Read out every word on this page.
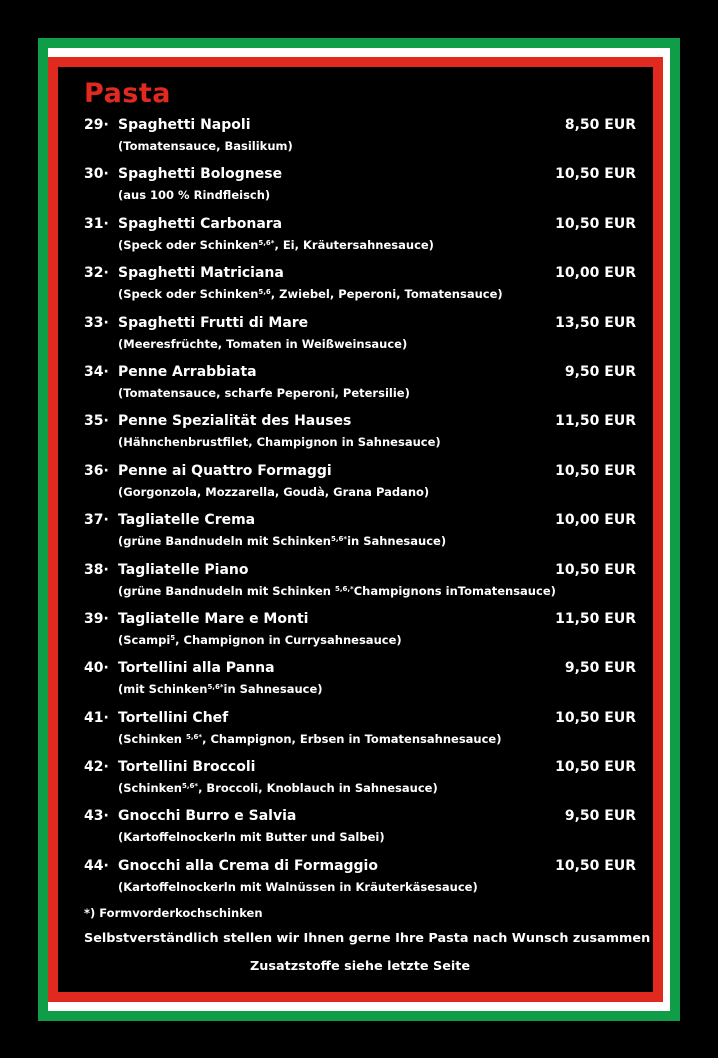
Pasta
29· Spaghetti Napoli	8,50 EUR
(Tomatensauce, Basilikum)
30· Spaghetti Bolognese	10,50 EUR
(aus 100 % Rindfleisch)
31· Spaghetti Carbonara	10,50 EUR
(Speck oder Schinken$^{5,6*}$, Ei, Kräutersahnesauce)
32· Spaghetti Matriciana	10,00 EUR
(Speck oder Schinken$^{5,6}$, Zwiebel, Peperoni, Tomatensauce)
33· Spaghetti Frutti di Mare	13,50 EUR
(Meeresfrüchte, Tomaten in Weißweinsauce)
34· Penne Arrabbiata	9,50 EUR
(Tomatensauce, scharfe Peperoni, Petersilie)
35· Penne Spezialität des Hauses	11,50 EUR
(Hähnchenbrustfilet, Champignon in Sahnesauce)
36· Penne ai Quattro Formaggi	10,50 EUR
(Gorgonzola, Mozzarella, Goudà, Grana Padano)
37· Tagliatelle Crema	10,00 EUR
(grüne Bandnudeln mit Schinken$^{5,6*}$in Sahnesauce)
38· Tagliatelle Piano	10,50 EUR
(grüne Bandnudeln mit Schinken $^{5,6,*}$Champignons inTomatensauce)
39· Tagliatelle Mare e Monti	11,50 EUR
(Scampi$^5$, Champignon in Currysahnesauce)
40· Tortellini alla Panna	9,50 EUR
(mit Schinken$^{5,6*}$in Sahnesauce)
41· Tortellini Chef	10,50 EUR
(Schinken $^{5,6*}$, Champignon, Erbsen in Tomatensahnesauce)
42· Tortellini Broccoli	10,50 EUR
(Schinken$^{5,6*}$, Broccoli, Knoblauch in Sahnesauce)
43· Gnocchi Burro e Salvia	9,50 EUR
(Kartoffelnockerln mit Butter und Salbei)
44· Gnocchi alla Crema di Formaggio	10,50 EUR
(Kartoffelnockerln mit Walnüssen in Kräuterkäsesauce)
*) Formvorderkochschinken
Selbstverständlich stellen wir Ihnen gerne Ihre Pasta nach Wunsch zusammen
Zusatzstoffe siehe letzte Seite
